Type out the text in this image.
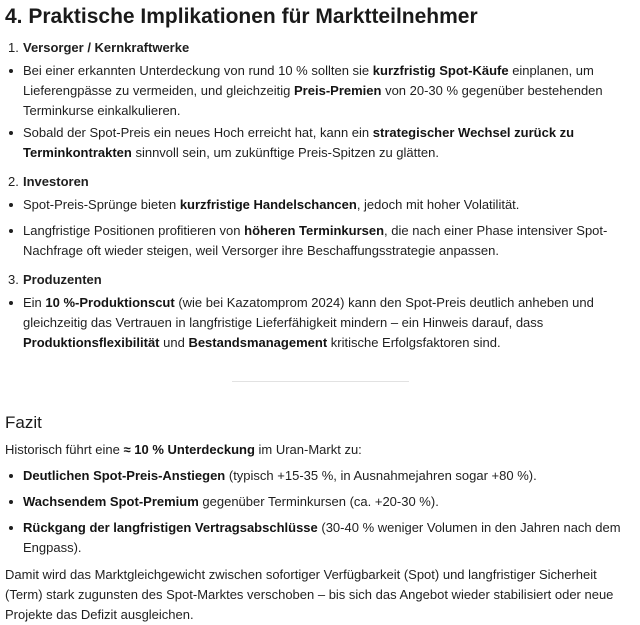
4. Praktische Implikationen für Marktteilnehmer
1. Versorger / Kernkraftwerke
Bei einer erkannten Unterdeckung von rund 10 % sollten sie kurzfristig Spot-Käufe einplanen, um Lieferengpässe zu vermeiden, und gleichzeitig Preis-Premien von 20-30 % gegenüber bestehenden Terminkurse einkalkulieren.
Sobald der Spot-Preis ein neues Hoch erreicht hat, kann ein strategischer Wechsel zurück zu Terminkontrakten sinnvoll sein, um zukünftige Preis-Spitzen zu glätten.
2. Investoren
Spot-Preis-Sprünge bieten kurzfristige Handelschancen, jedoch mit hoher Volatilität.
Langfristige Positionen profitieren von höheren Terminkursen, die nach einer Phase intensiver Spot-Nachfrage oft wieder steigen, weil Versorger ihre Beschaffungsstrategie anpassen.
3. Produzenten
Ein 10 %-Produktionscut (wie bei Kazatomprom 2024) kann den Spot-Preis deutlich anheben und gleichzeitig das Vertrauen in langfristige Lieferfähigkeit mindern – ein Hinweis darauf, dass Produktionsflexibilität und Bestandsmanagement kritische Erfolgsfaktoren sind.
Fazit
Historisch führt eine ≈ 10 % Unterdeckung im Uran-Markt zu:
Deutlichen Spot-Preis-Anstiegen (typisch +15-35 %, in Ausnahmejahren sogar +80 %).
Wachsendem Spot-Premium gegenüber Terminkursen (ca. +20-30 %).
Rückgang der langfristigen Vertragsabschlüsse (30-40 % weniger Volumen in den Jahren nach dem Engpass).
Damit wird das Marktgleichgewicht zwischen sofortiger Verfügbarkeit (Spot) und langfristiger Sicherheit (Term) stark zugunsten des Spot-Marktes verschoben – bis sich das Angebot wieder stabilisiert oder neue Projekte das Defizit ausgleichen.
